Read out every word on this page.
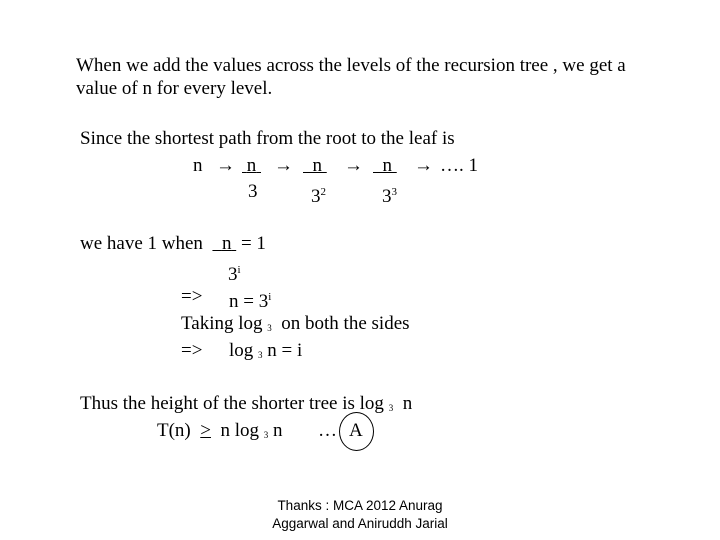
When we add the values across the levels of the recursion tree , we get a
value of n for every level.
Since the shortest path from the root to the leaf is
n → n →	n →	n → …. 1
3	$3^2$	$3^3$
we have 1 when n = 1
$3^i$
=> $n = 3^i$
Taking log $_3$ on both the sides
=> log $_3$ n = i
Thus the height of the shorter tree is log $_3$ n
T(n) > n log $_3$ n … A
Thanks : MCA 2012 Anurag
Aggarwal and Aniruddh Jarial
